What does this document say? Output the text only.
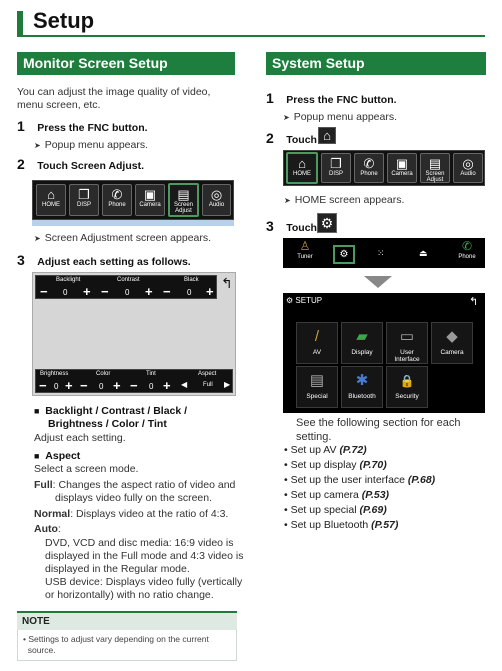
Setup
Monitor Screen Setup
You can adjust the image quality of video,
menu screen, etc.
1 Press the FNC button.
➤ Popup menu appears.
2 Touch Screen Adjust.
⌂
HOME
❐
DISP
✆
Phone
▣
Camera
▤
Screen
Adjust
◎
Audio
➤ Screen Adjustment screen appears.
3 Adjust each setting as follows.
Backlight
− 0 +
Contrast
− 0 +
Black
− 0 +
↰
Brightness
− 0 +
Color
− 0 +
Tint
− 0 +
Aspect
◀	Full ▶
■ Backlight / Contrast / Black /
Brightness / Color / Tint
Adjust each setting.
■ Aspect
Select a screen mode.
Full: Changes the aspect ratio of video and
displays video fully on the screen.
Normal: Displays video at the ratio of 4:3.
Auto:
DVD, VCD and disc media: 16:9 video is
displayed in the Full mode and 4:3 video is
displayed in the Regular mode.
USB device: Displays video fully (vertically
or horizontally) with no ratio change.
NOTE
• Settings to adjust vary depending on the current
source.
System Setup
1 Press the FNC button.
➤ Popup menu appears.
2 Touch ⌂
⌂
HOME
❐
DISP
✆
Phone
▣
Camera
▤
Screen
Adjust
◎
Audio
➤ HOME screen appears.
3 Touch ⚙
♙
Tuner	⚙	⁙	⏏	✆
Phone
⚙ SETUP	↰
/
AV
▰
Display
▭
User Interface
◆
Camera
▤
Special
✱
Bluetooth
🔒
Security
See the following section for each
setting.
• Set up AV (P.72)
• Set up display (P.70)
• Set up the user interface (P.68)
• Set up camera (P.53)
• Set up special (P.69)
• Set up Bluetooth (P.57)
